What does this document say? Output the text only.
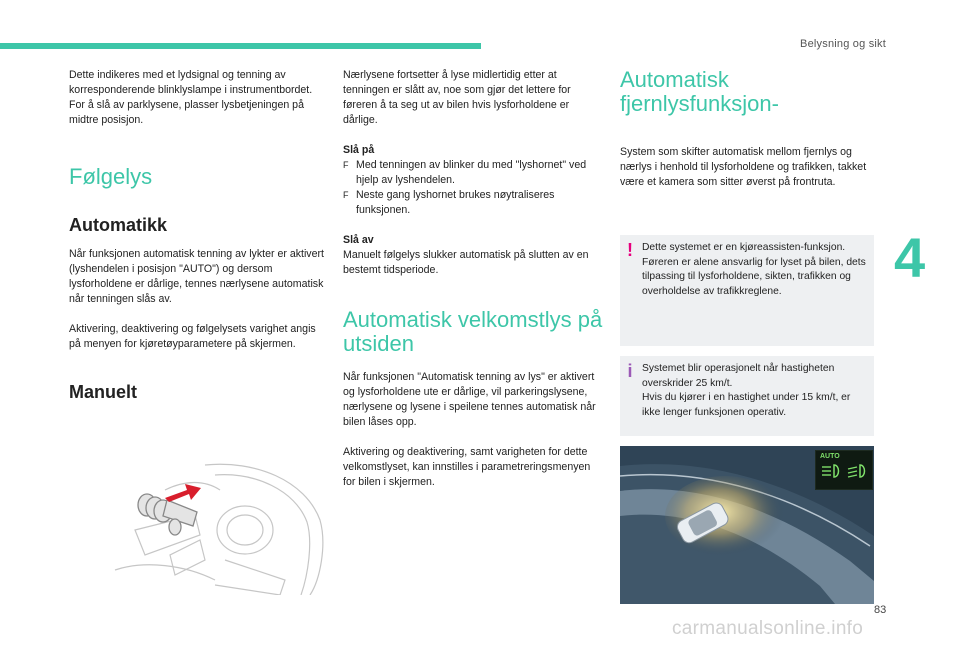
Belysning og sikt

Dette indikeres med et lydsignal og tenning av korresponderende blinklyslampe i instrumentbordet.

For å slå av parklysene, plasser lysbetjeningen på midtre posisjon.

Følgelys
Automatikk

Når funksjonen automatisk tenning av lykter er aktivert (lyshendelen i posisjon "AUTO") og dersom lysforholdene er dårlige, tennes nærlysene automatisk når tenningen slås av.

Aktivering, deaktivering og følgelysets varighet angis på menyen for kjøretøyparametere på skjermen.

Manuelt

Nærlysene fortsetter å lyse midlertidig etter at tenningen er slått av, noe som gjør det lettere for føreren å ta seg ut av bilen hvis lysforholdene er dårlige.

Slå på

F Med tenningen av blinker du med "lyshornet" ved hjelp av lyshendelen.
F Neste gang lyshornet brukes nøytraliseres funksjonen.

Slå av

Manuelt følgelys slukker automatisk på slutten av en bestemt tidsperiode.

Automatisk velkomstlys på utsiden

Når funksjonen "Automatisk tenning av lys" er aktivert og lysforholdene ute er dårlige, vil parkeringslysene, nærlysene og lysene i speilene tennes automatisk når bilen låses opp.

Aktivering og deaktivering, samt varigheten for dette velkomstlyset, kan innstilles i parametreringsmenyen for bilen i skjermen.

Automatisk fjernlysfunksjon-

System som skifter automatisk mellom fjernlys og nærlys i henhold til lysforholdene og trafikken, takket være et kamera som sitter øverst på frontruta.

! Dette systemet er en kjøreassisten-funksjon.
Føreren er alene ansvarlig for lyset på bilen, dets tilpassing til lysforholdene, sikten, trafikken og overholdelse av trafikkreglene.
i Systemet blir operasjonelt når hastigheten overskrider 25 km/t.
Hvis du kjører i en hastighet under 15 km/t, er ikke lenger funksjonen operativ.
AUTO
4
83
carmanualsonline.info
